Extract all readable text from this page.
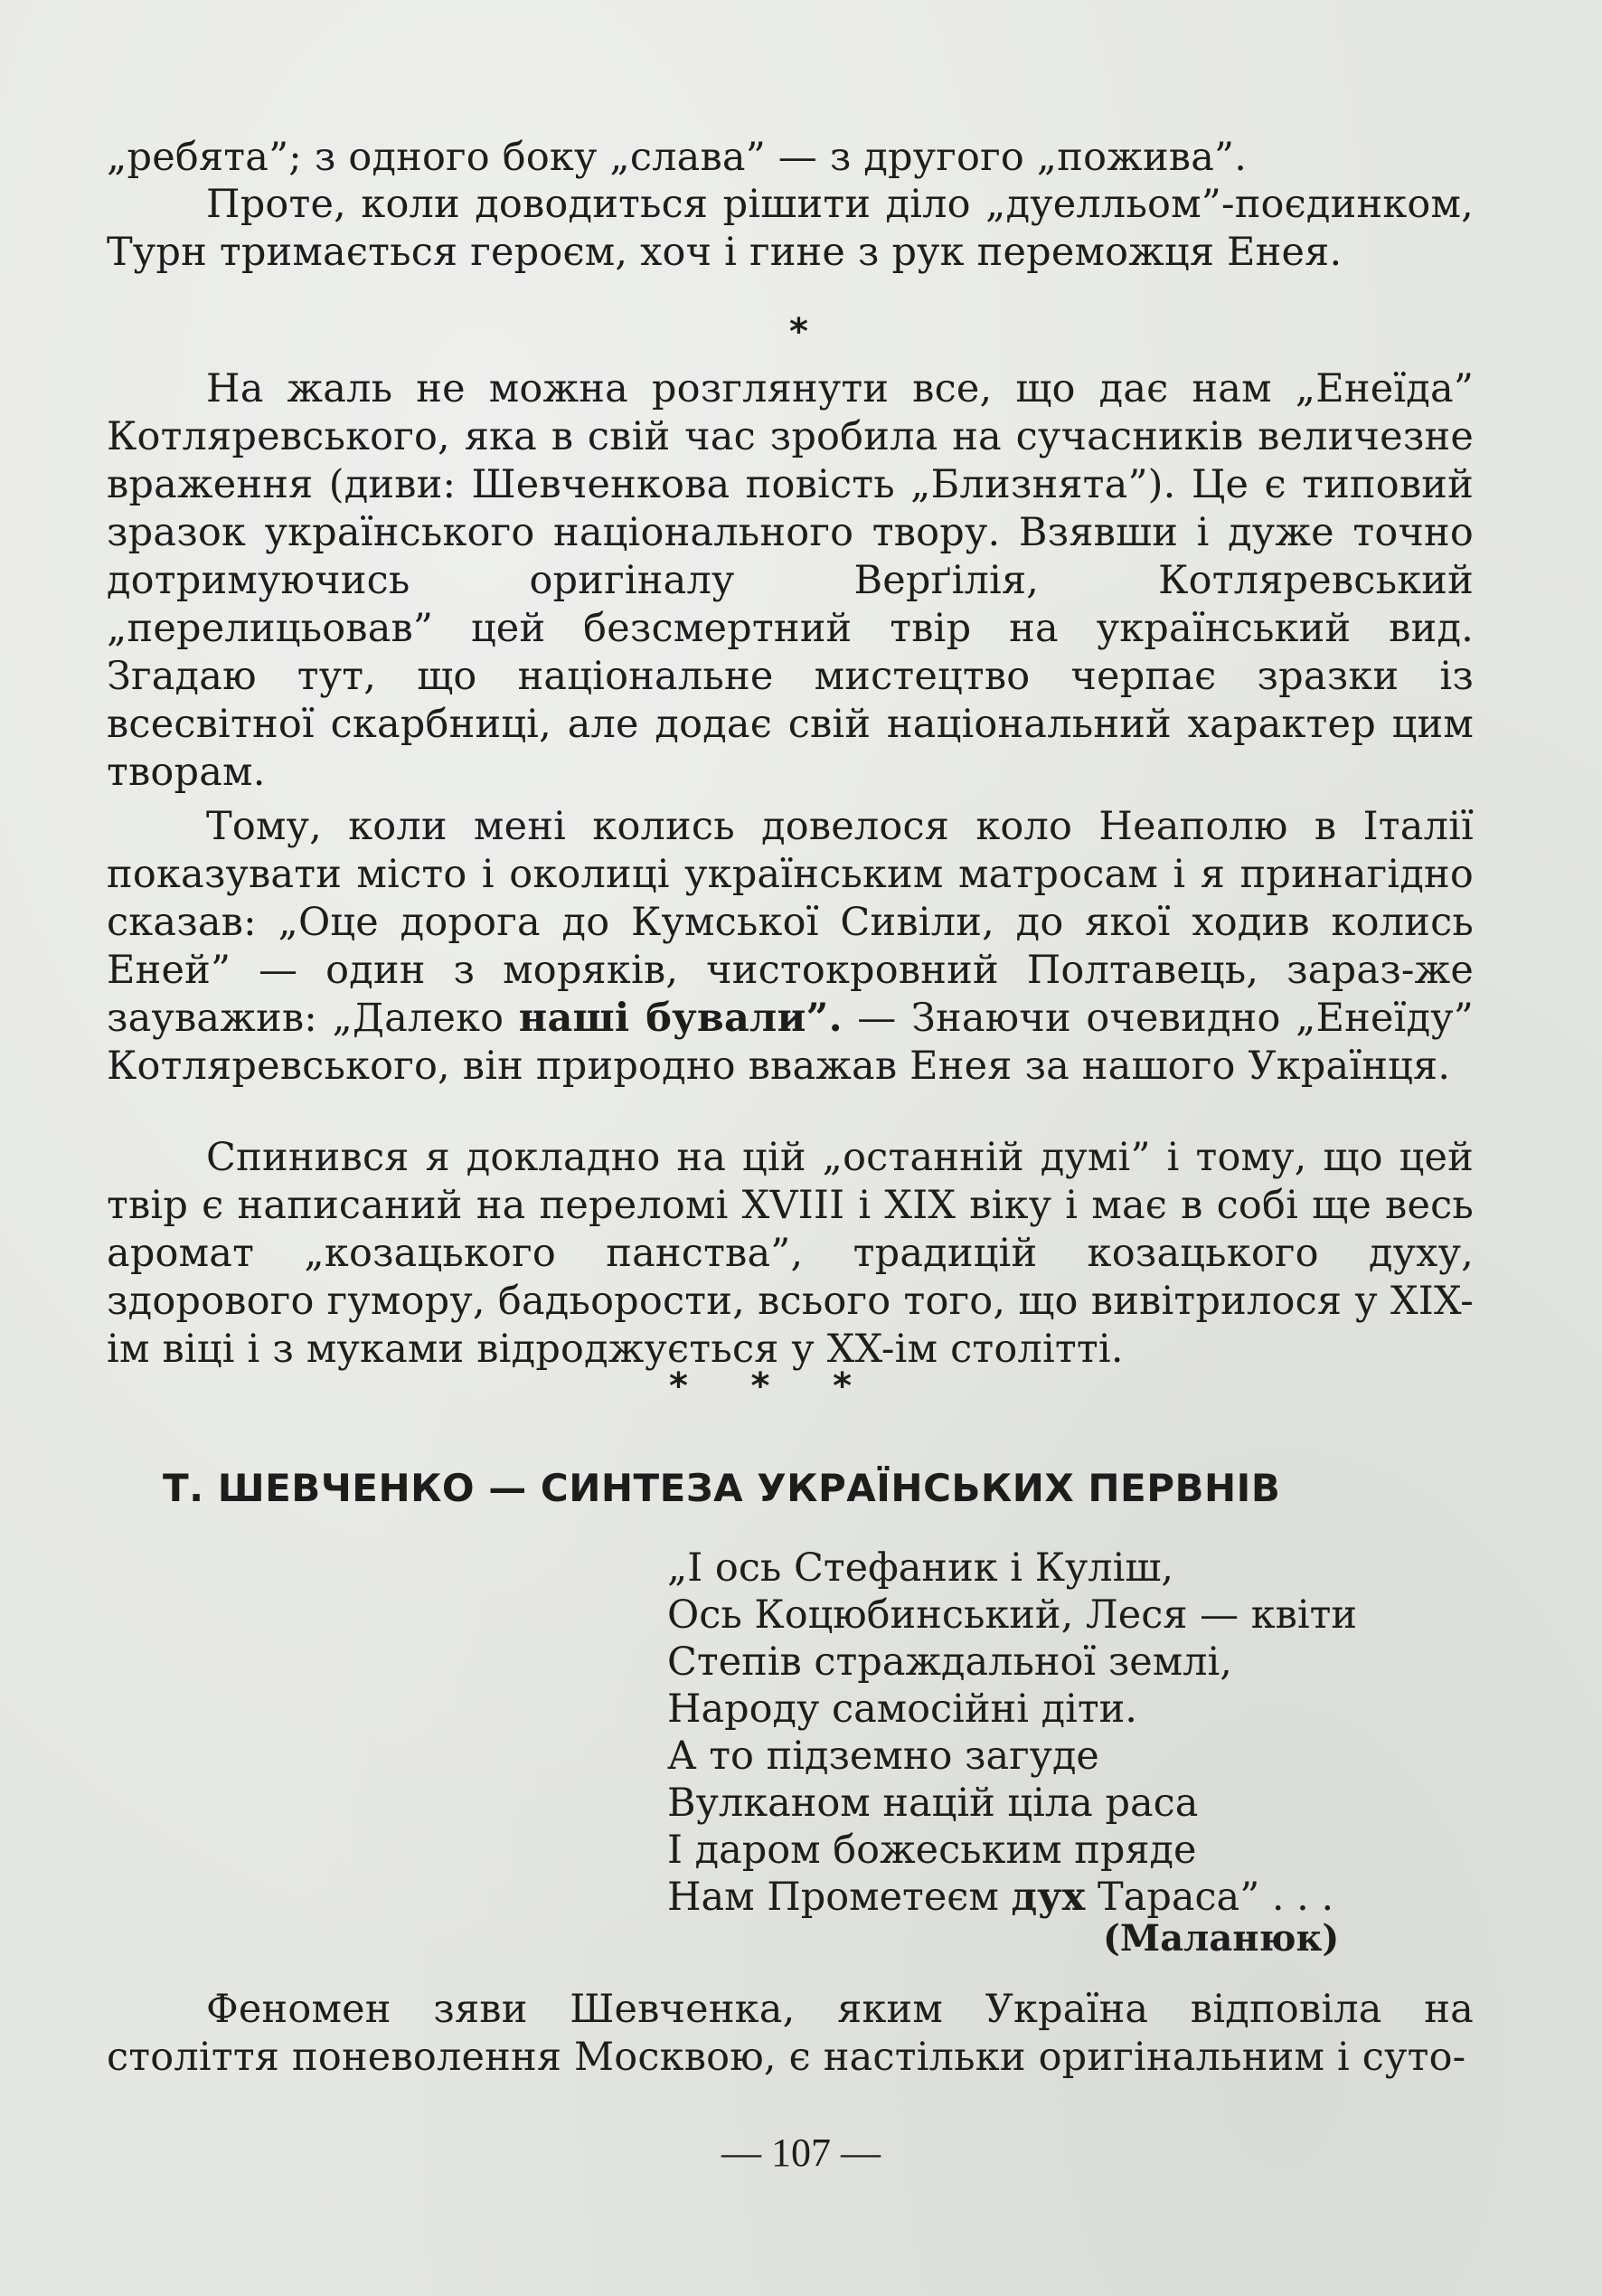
„ребята”; з одного боку „слава” — з другого „пожива”.

Проте, коли доводиться рішити діло „дуелльом”-поєдинком, Турн тримається героєм, хоч і гине з рук переможця Енея.

*

На жаль не можна розглянути все, що дає нам „Енеїда” Котляревського, яка в свій час зробила на сучасників величезне враження (диви: Шевченкова повість „Близнята”). Це є типовий зразок українського національного твору. Взявши і дуже точно дотримуючись оригіналу Верґілія, Котляревський „перелицьовав” цей безсмертний твір на український вид. Згадаю тут, що національне мистецтво черпає зразки із всесвітної скарбниці, але додає свій національний характер цим творам.

Тому, коли мені колись довелося коло Неаполю в Італії показувати місто і околиці українським матросам і я принагідно сказав: „Оце дорога до Кумської Сивіли, до якої ходив колись Еней” — один з моряків, чистокровний Полтавець, зараз-же зауважив: „Далеко наші бували”. — Знаючи очевидно „Енеїду” Котляревського, він природно вважав Енея за нашого Українця.

Спинився я докладно на цій „останній думі” і тому, що цей твір є написаний на переломі XVIII і XIX віку і має в собі ще весь аромат „козацького панства”, традицій козацького духу, здорового гумору, бадьорости, всього того, що вивітрилося у XIX-ім віці і з муками відроджується у XX-ім столітті.

*     *     *

Т. ШЕВЧЕНКО — СИНТЕЗА УКРАЇНСЬКИХ ПЕРВНІВ
„І ось Стефаник і Куліш,
Ось Коцюбинський, Леся — квіти
Степів страждальної землі,
Народу самосійні діти.
А то підземно загуде
Вулканом націй ціла раса
І даром божеським пряде
Нам Прометеєм дух Тараса” . . .

(Маланюк)

Феномен зяви Шевченка, яким Україна відповіла на століття поневолення Москвою, є настільки оригінальним і суто-

— 107 —
